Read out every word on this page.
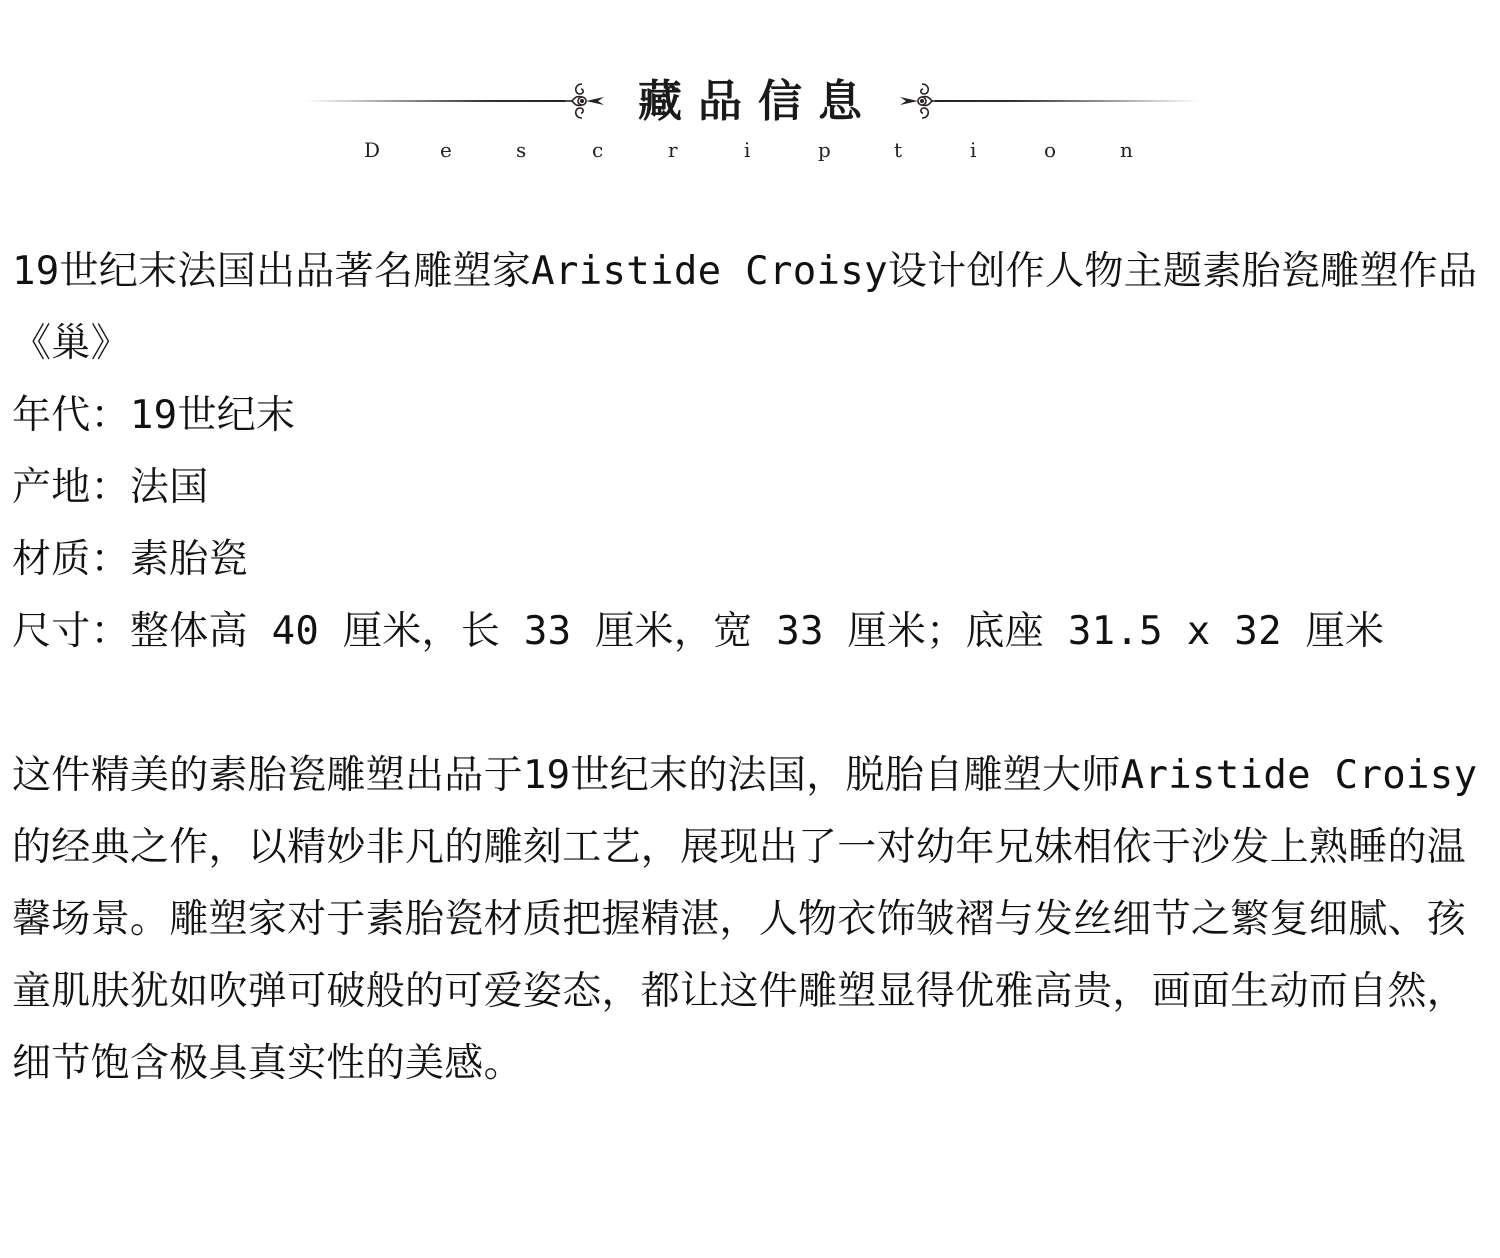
藏品信息
D	e	s	c	r	i	p	t	i	o	n

19世纪末法国出品著名雕塑家Aristide Croisy设计创作人物主题素胎瓷雕塑作品《巢》

年代：19世纪末

产地：法国

材质：素胎瓷

尺寸：整体高 40 厘米，长 33 厘米，宽 33 厘米；底座 31.5 x 32 厘米

这件精美的素胎瓷雕塑出品于19世纪末的法国，脱胎自雕塑大师Aristide Croisy的经典之作，以精妙非凡的雕刻工艺，展现出了一对幼年兄妹相依于沙发上熟睡的温馨场景。雕塑家对于素胎瓷材质把握精湛，人物衣饰皱褶与发丝细节之繁复细腻、孩童肌肤犹如吹弹可破般的可爱姿态，都让这件雕塑显得优雅高贵，画面生动而自然，细节饱含极具真实性的美感。
